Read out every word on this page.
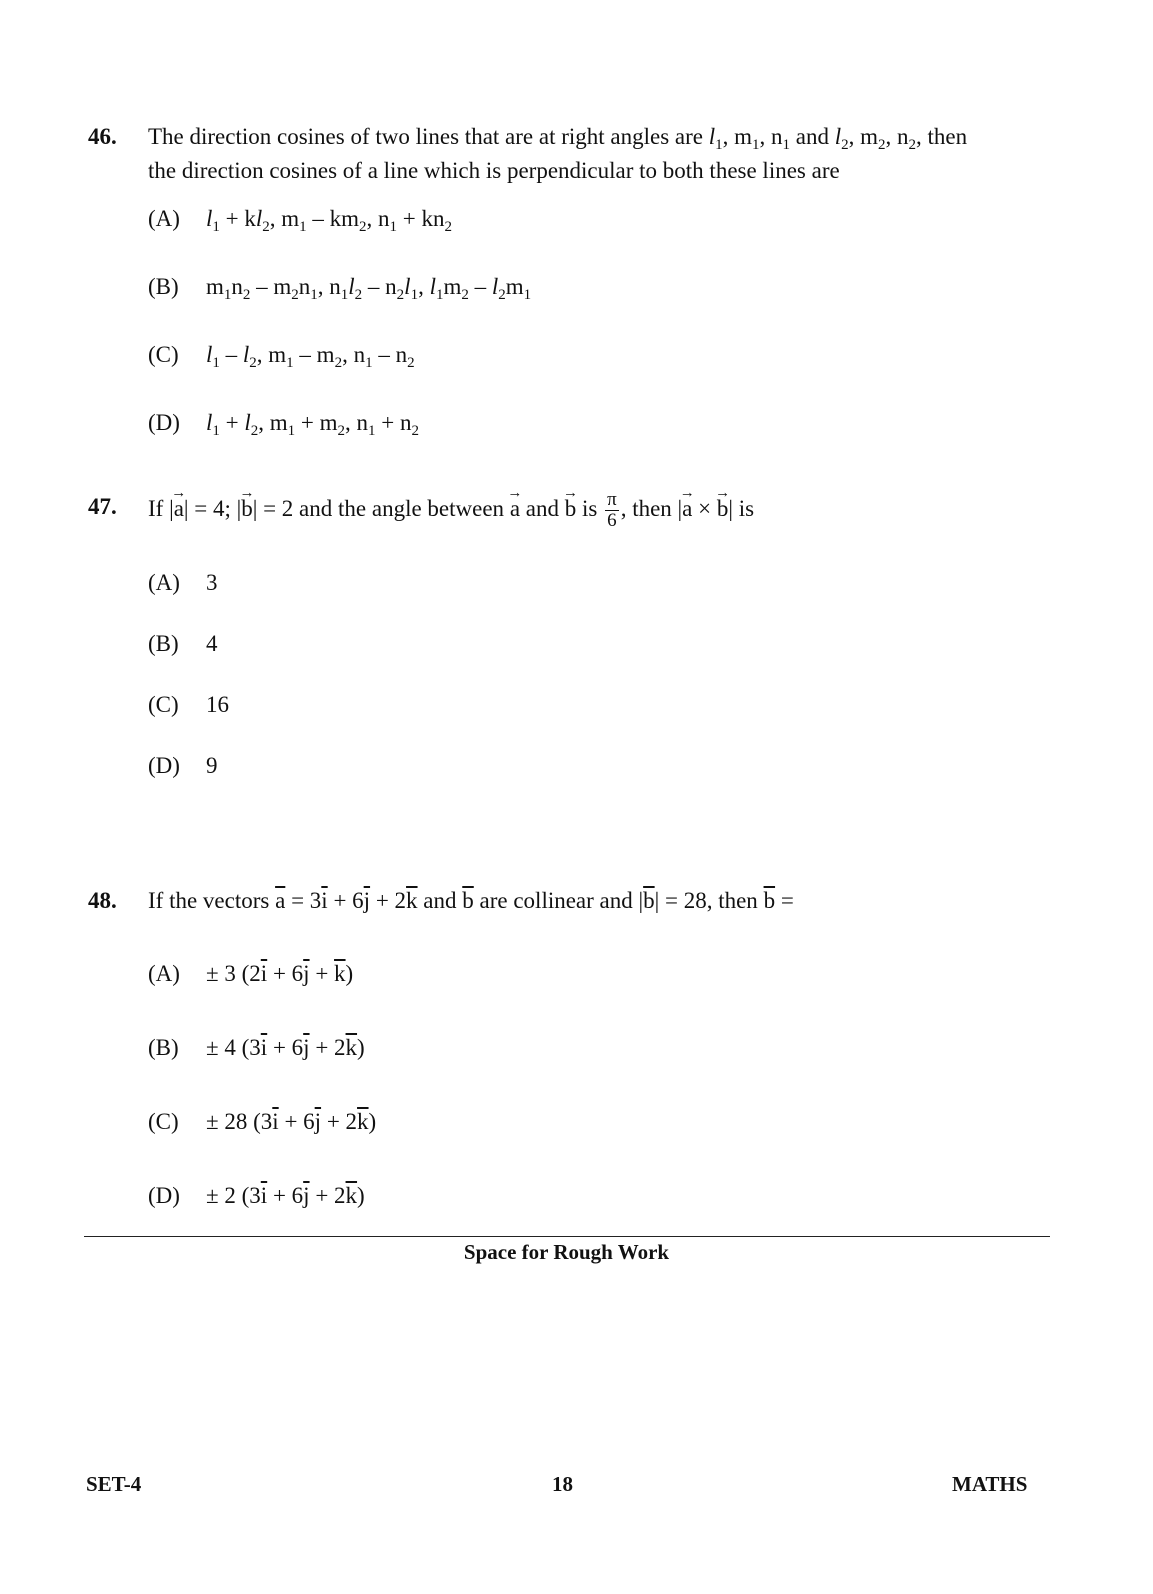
46.	The direction cosines of two lines that are at right angles are $l_1$, $m_1$, $n_1$ and $l_2$, $m_2$, $n_2$, then
the direction cosines of a line which is perpendicular to both these lines are
(A) $l_1 + kl_2$, $m_1 - km_2$, $n_1 + kn_2$
(B) $m_1n_2 - m_2n_1$, $n_1l_2 - n_2l_1$, $l_1m_2 - l_2m_1$
(C) $l_1 - l_2$, $m_1 - m_2$, $n_1 - n_2$
(D) $l_1 + l_2$, $m_1 + m_2$, $n_1 + n_2$
47.	If |→ a| = 4; |→ b| = 2 and the angle between → a and → b is $\frac{\pi}{6}$ , then |→ a × → b| is
(A) 3
(B) 4
(C) 16
(D) 9
48.	If the vectors $\overline{a} = 3\overline{i} + 6\overline{j} + 2\overline{k}$ and $\overline{b}$ are collinear and $|\overline{b}| = 28$, then $\overline{b}$ =
(A) ± 3 $(2\overline{i} + 6\overline{j} + \overline{k})$
(B) ± 4 $(3\overline{i} + 6\overline{j} + 2\overline{k})$
(C) ± 28 $(3\overline{i} + 6\overline{j} + 2\overline{k})$
(D) ± 2 $(3\overline{i} + 6\overline{j} + 2\overline{k})$
Space for Rough Work
SET-4	18	MATHS
